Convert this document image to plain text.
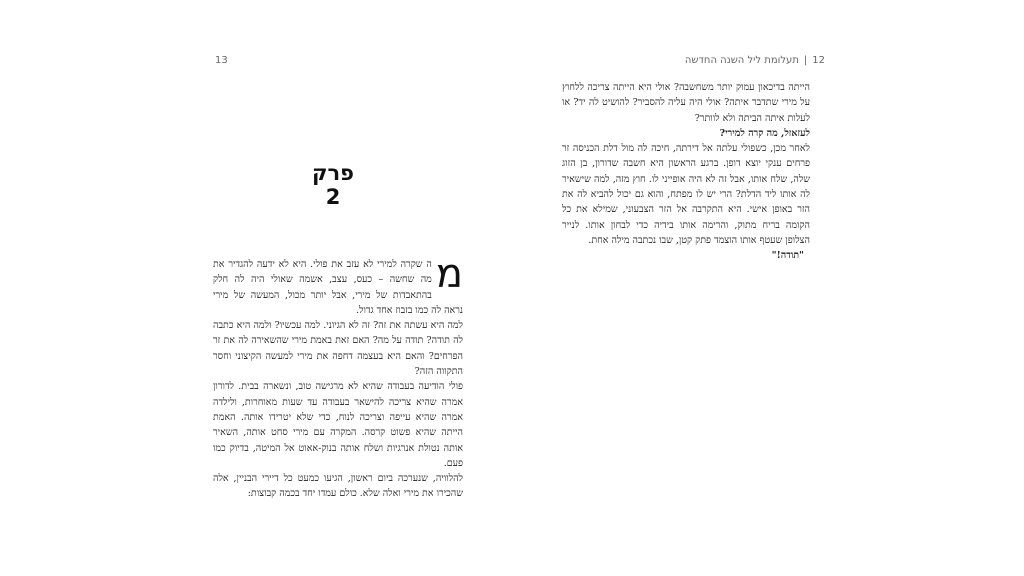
13
פרק 2

מ
ה שקרה למירי לא עזב את פולי. היא לא ידעה להגדיר את מה שחשה – כעס, עצב, אשמה שאולי היה לה חלק בהתאבדות של מירי, אבל יותר מכול, המעשה של מירי נראה לה כמו בזבוז אחד גדול.

למה היא עשתה את זה? זה לא הגיוני. למה עכשיו? ולמה היא כתבה לה תודה? תודה על מה? האם זאת באמת מירי שהשאירה לה את זר הפרחים? והאם היא בעצמה דחפה את מירי למעשה הקיצוני וחסר התקווה הזה?

פולי הודיעה בעבודה שהיא לא מרגישה טוב, ונשארה בבית. לדורון אמרה שהיא צריכה להישאר בעבודה עד שעות מאוחרות, ולילדה אמרה שהיא עייפה וצריכה לנוח, כדי שלא יטרידו אותה. האמת הייתה שהיא פשוט קרסה. המקרה עם מירי סחט אותה, השאיר אותה נטולת אנרגיות ושלח אותה בנוק-אאוט אל המיטה, בדיוק כמו פעם.

להלוויה, שנערכה ביום ראשון, הגיעו כמעט כל דיירי הבניין, אלה שהכירו את מירי ואלה שלא. כולם עמדו יחד בכמה קבוצות:

12|תעלומת ליל השנה החדשה

הייתה בדיכאון עמוק יותר משחשבה? אולי היא הייתה צריכה ללחוץ על מירי שתדבר איתה? אולי היה עליה להסביר? להושיט לה יד? או לעלות איתה הביתה ולא לוותר?

לעזאזל, מה קרה למירי?

לאחר מכן, כשפולי עלתה אל דירתה, חיכה לה מול דלת הכניסה זר פרחים ענקי יוצא דופן. ברגע הראשון היא חשבה שדורון, בן הזוג שלה, שלח אותו, אבל זה לא היה אופייני לו. חוץ מזה, למה שישאיר לה אותו ליד הדלת? הרי יש לו מפתח, והוא גם יכול להביא לה את הזר באופן אישי. היא התקרבה אל הזר הצבעוני, שמילא את כל הקומה בריח מתוק, והרימה אותו בידיה כדי לבחון אותו. לנייר הצלופן שעטף אותו הוצמד פתק קטן, שבו נכתבה מילה אחת.

"תודה!"
